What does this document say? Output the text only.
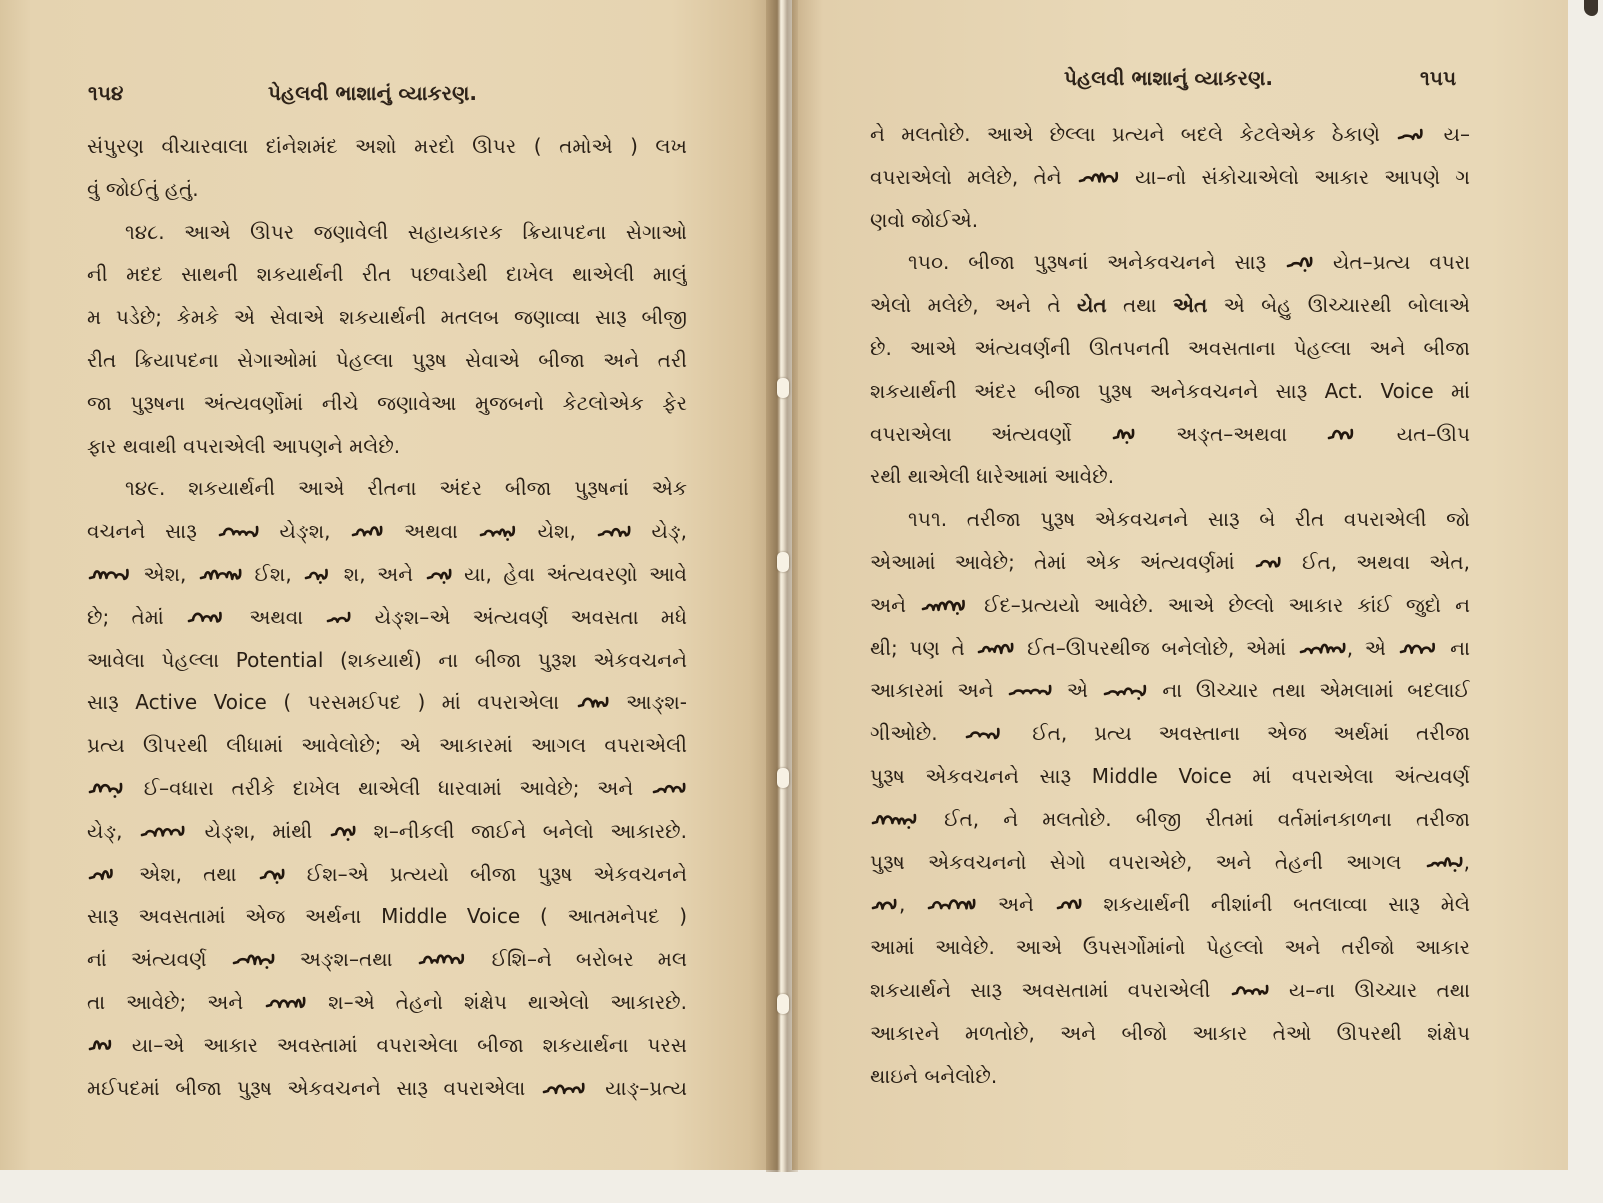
૧૫૪	પેહલવી ભાશાનું વ્યાકરણ.
સંપુરણ વીચારવાલા દાંનેશમંદ અશો મરદો ઊપર ( તમોએ ) લખ
વું જોઈતું હતું.
૧૪૮. આએ ઊપર જણાવેલી સહાયકારક ક્રિયાપદના સેગાઓ
ની મદદ સાથની શકયાર્થની રીત પછવાડેથી દાખેલ થાએલી માલું
મ પડેછે; કેમકે એ સેવાએ શકયાર્થની મતલબ જણાવ્વા સારૂ બીજી
રીત ક્રિયાપદના સેગાઓમાં પેહલ્લા પુરૂષ સેવાએ બીજા અને તરી
જા પુરૂષના અંત્યવર્ણોમાં નીચે જણાવેઆ મુજબનો કેટલોએક ફેર
ફાર થવાથી વપરાએલી આપણને મલેછે.
૧૪૯. શકયાર્થની આએ રીતના અંદર બીજા પુરૂષનાં એક
વચનને સારૂ  યેઙ્શ,  અથવા  યેશ,  યેઙ્,
એશ,  ઈશ,  શ, અને  યા, હેવા અંત્યવરણો આવે
છે; તેમાં  અથવા  યેઙ્શ–એ અંત્યવર્ણ અવસતા મધે
આવેલા પેહલ્લા Potential (શકયાર્થ) ના બીજા પુરૂશ એકવચનને
સારૂ Active Voice ( પરસમઈપદ ) માં વપરાએલા  આઙ્શ-
પ્રત્ય ઊપરથી લીધામાં આવેલોછે; એ આકારમાં આગલ વપરાએલી
ઈ–વધારા તરીકે દાખેલ થાએલી ધારવામાં આવેછે; અને
યેઙ્,  યેઙ્શ, માંથી  શ–નીકલી જાઈને બનેલો આકારછે.
એશ, તથા  ઈશ–એ પ્રત્યયો બીજા પુરૂષ એકવચનને
સારૂ અવસતામાં એજ અર્થના Middle Voice ( આતમનેપદ )
નાં અંત્યવર્ણ  અઙ્શ–તથા	ઈશિ–ને બરોબર મલ
તા આવેછે; અને  શ–એ તેહનો શંક્ષેપ થાએલો આકારછે.
યા–એ આકાર અવસ્તામાં વપરાએલા બીજા શકયાર્થના પરસ
મઈપદમાં બીજા પુરૂષ એકવચનને સારૂ વપરાએલા  યાઙ્–પ્રત્ય
પેહલવી ભાશાનું વ્યાકરણ.	૧૫૫
ને મલતોછે. આએ છેલ્લા પ્રત્યને બદલે કેટલેએક ઠેકાણે  ય–
વપરાએલો મલેછે, તેને  યા–નો સંકોચાએલો આકાર આપણે ગ
ણવો જોઈએ.
૧૫૦. બીજા પુરૂષનાં અનેકવચનને સારૂ  યેત–પ્રત્ય વપરા
એલો મલેછે, અને તે યેત તથા એત એ બેહુ ઊચ્ચારથી બોલાએ
છે. આએ અંત્યવર્ણની ઊતપનતી અવસતાના પેહલ્લા અને બીજા
શકયાર્થની અંદર બીજા પુરૂષ અનેકવચનને સારૂ Act. Voice માં
વપરાએલા અંત્યવર્ણો  અઙ્ત–અથવા  યત–ઊપ
રથી થાએલી ધારેઆમાં આવેછે.
૧૫૧. તરીજા પુરૂષ એકવચનને સારૂ બે રીત વપરાએલી જો
એઆમાં આવેછે; તેમાં એક અંત્યવર્ણમાં  ઈત, અથવા એત,
અને	ઈદ–પ્રત્યયો આવેછે. આએ છેલ્લો આકાર કાંઈ જુદો ન
થી; પણ તે  ઈત–ઊપરથીજ બનેલોછે, એમાં , એ  ના
આકારમાં અને  એ  ના ઊચ્ચાર તથા એમલામાં બદલાઈ
ગીઓછે.  ઈત, પ્રત્ય અવસ્તાના એજ અર્થમાં તરીજા
પુરૂષ એકવચનને સારૂ Middle Voice માં વપરાએલા અંત્યવર્ણ
ઈત, ને મલતોછે. બીજી રીતમાં વર્તમાંનકાળના તરીજા
પુરૂષ એકવચનનો સેગો વપરાએછે, અને તેહની આગલ ,
,	અને  શકયાર્થની નીશાંની બતલાવ્વા સારૂ મેલે
આમાં આવેછે. આએ ઉપસર્ગોમાંનો પેહલ્લો અને તરીજો આકાર
શકયાર્થને સારૂ અવસતામાં વપરાએલી  ય–ના ઊચ્ચાર તથા
આકારને મળતોછે, અને બીજો આકાર તેઓ ઊપરથી શંક્ષેપ
થાઇને બનેલોછે.
